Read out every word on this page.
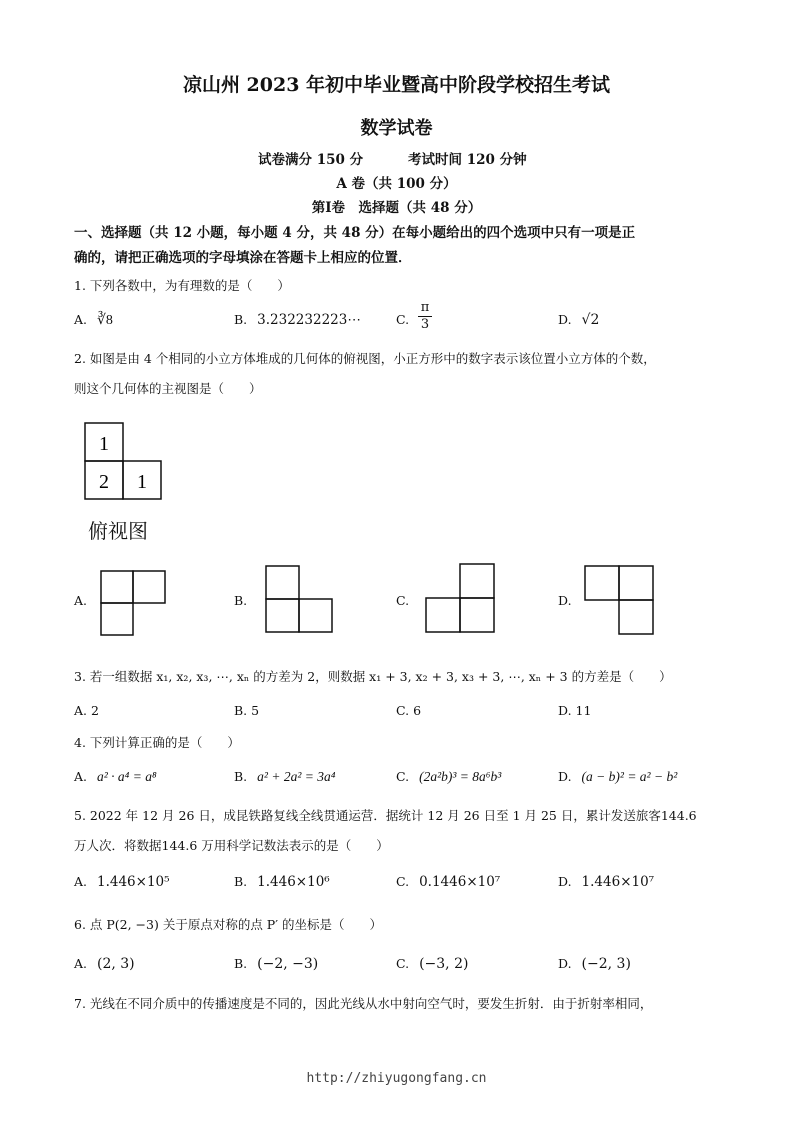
凉山州 2023 年初中毕业暨高中阶段学校招生考试
数学试卷
试卷满分 150 分	考试时间 120 分钟
A 卷（共 100 分）
第Ⅰ卷　选择题（共 48 分）
一、选择题（共 12 小题，每小题 4 分，共 48 分）在每小题给出的四个选项中只有一项是正
确的，请把正确选项的字母填涂在答题卡上相应的位置．
1. 下列各数中，为有理数的是（　　）
A. ∛8	B. 3.232232223⋯	C. $\frac{\pi}{3}$	D. √2
2. 如图是由 4 个相同的小立方体堆成的几何体的俯视图，小正方形中的数字表示该位置小立方体的个数，
则这个几何体的主视图是（　　）
1
2 1
俯视图
A.	B.	C.	D.
3. 若一组数据 x₁, x₂, x₃, ⋯, xₙ 的方差为 2，则数据 x₁ + 3, x₂ + 3, x₃ + 3, ⋯, xₙ + 3 的方差是（　　）
A. 2	B. 5	C. 6	D. 11
4. 下列计算正确的是（　　）
A. a² · a⁴ = a⁸	B. a² + 2a² = 3a⁴	C. (2a²b)³ = 8a⁶b³	D. (a − b)² = a² − b²
5. 2022 年 12 月 26 日，成昆铁路复线全线贯通运营．据统计 12 月 26 日至 1 月 25 日，累计发送旅客144.6
万人次．将数据144.6 万用科学记数法表示的是（　　）
A. 1.446×10⁵	B. 1.446×10⁶	C. 0.1446×10⁷	D. 1.446×10⁷
6. 点 P(2, −3) 关于原点对称的点 P′ 的坐标是（　　）
A. (2, 3)	B. (−2, −3)	C. (−3, 2)	D. (−2, 3)
7. 光线在不同介质中的传播速度是不同的，因此光线从水中射向空气时，要发生折射．由于折射率相同，
http://zhiyugongfang.cn
